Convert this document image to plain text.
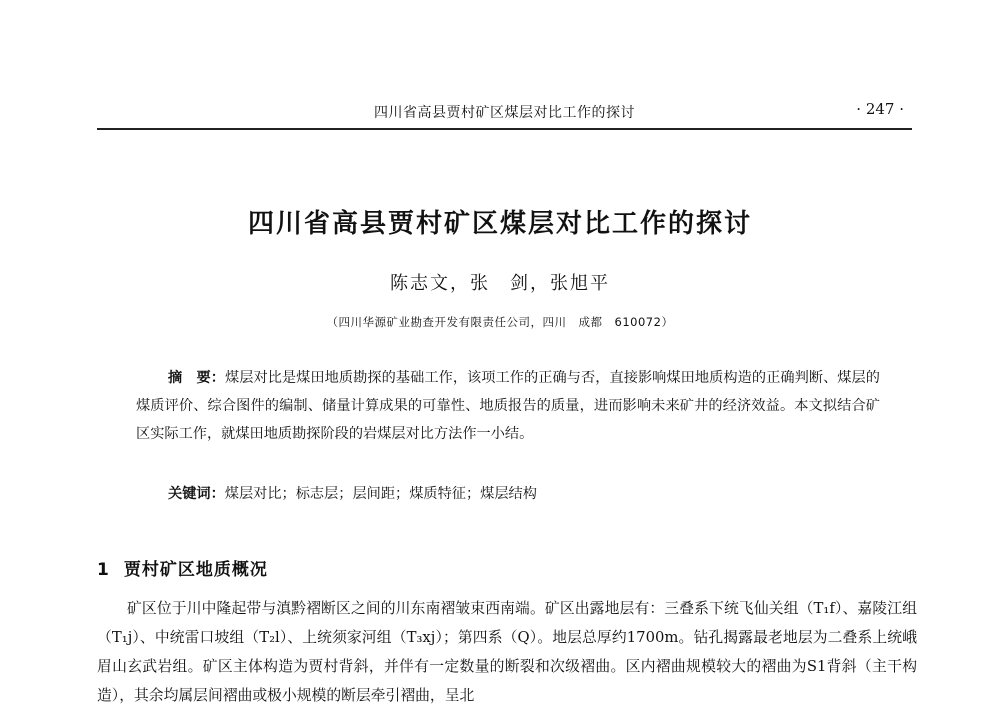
四川省高县贾村矿区煤层对比工作的探讨	· 247 ·
四川省高县贾村矿区煤层对比工作的探讨
陈志文，张　剑，张旭平
（四川华源矿业勘查开发有限责任公司，四川　成都　610072）

摘　要：煤层对比是煤田地质勘探的基础工作，该项工作的正确与否，直接影响煤田地质构造的正确判断、煤层的煤质评价、综合图件的编制、储量计算成果的可靠性、地质报告的质量，进而影响未来矿井的经济效益。本文拟结合矿区实际工作，就煤田地质勘探阶段的岩煤层对比方法作一小结。

关键词：煤层对比；标志层；层间距；煤质特征；煤层结构
1 贾村矿区地质概况

矿区位于川中隆起带与滇黔褶断区之间的川东南褶皱束西南端。矿区出露地层有：三叠系下统飞仙关组（T₁f）、嘉陵江组（T₁j）、中统雷口坡组（T₂l）、上统须家河组（T₃xj）；第四系（Q）。地层总厚约1700m。钻孔揭露最老地层为二叠系上统峨眉山玄武岩组。矿区主体构造为贾村背斜，并伴有一定数量的断裂和次级褶曲。区内褶曲规模较大的褶曲为S1背斜（主干构造），其余均属层间褶曲或极小规模的断层牵引褶曲，呈北
